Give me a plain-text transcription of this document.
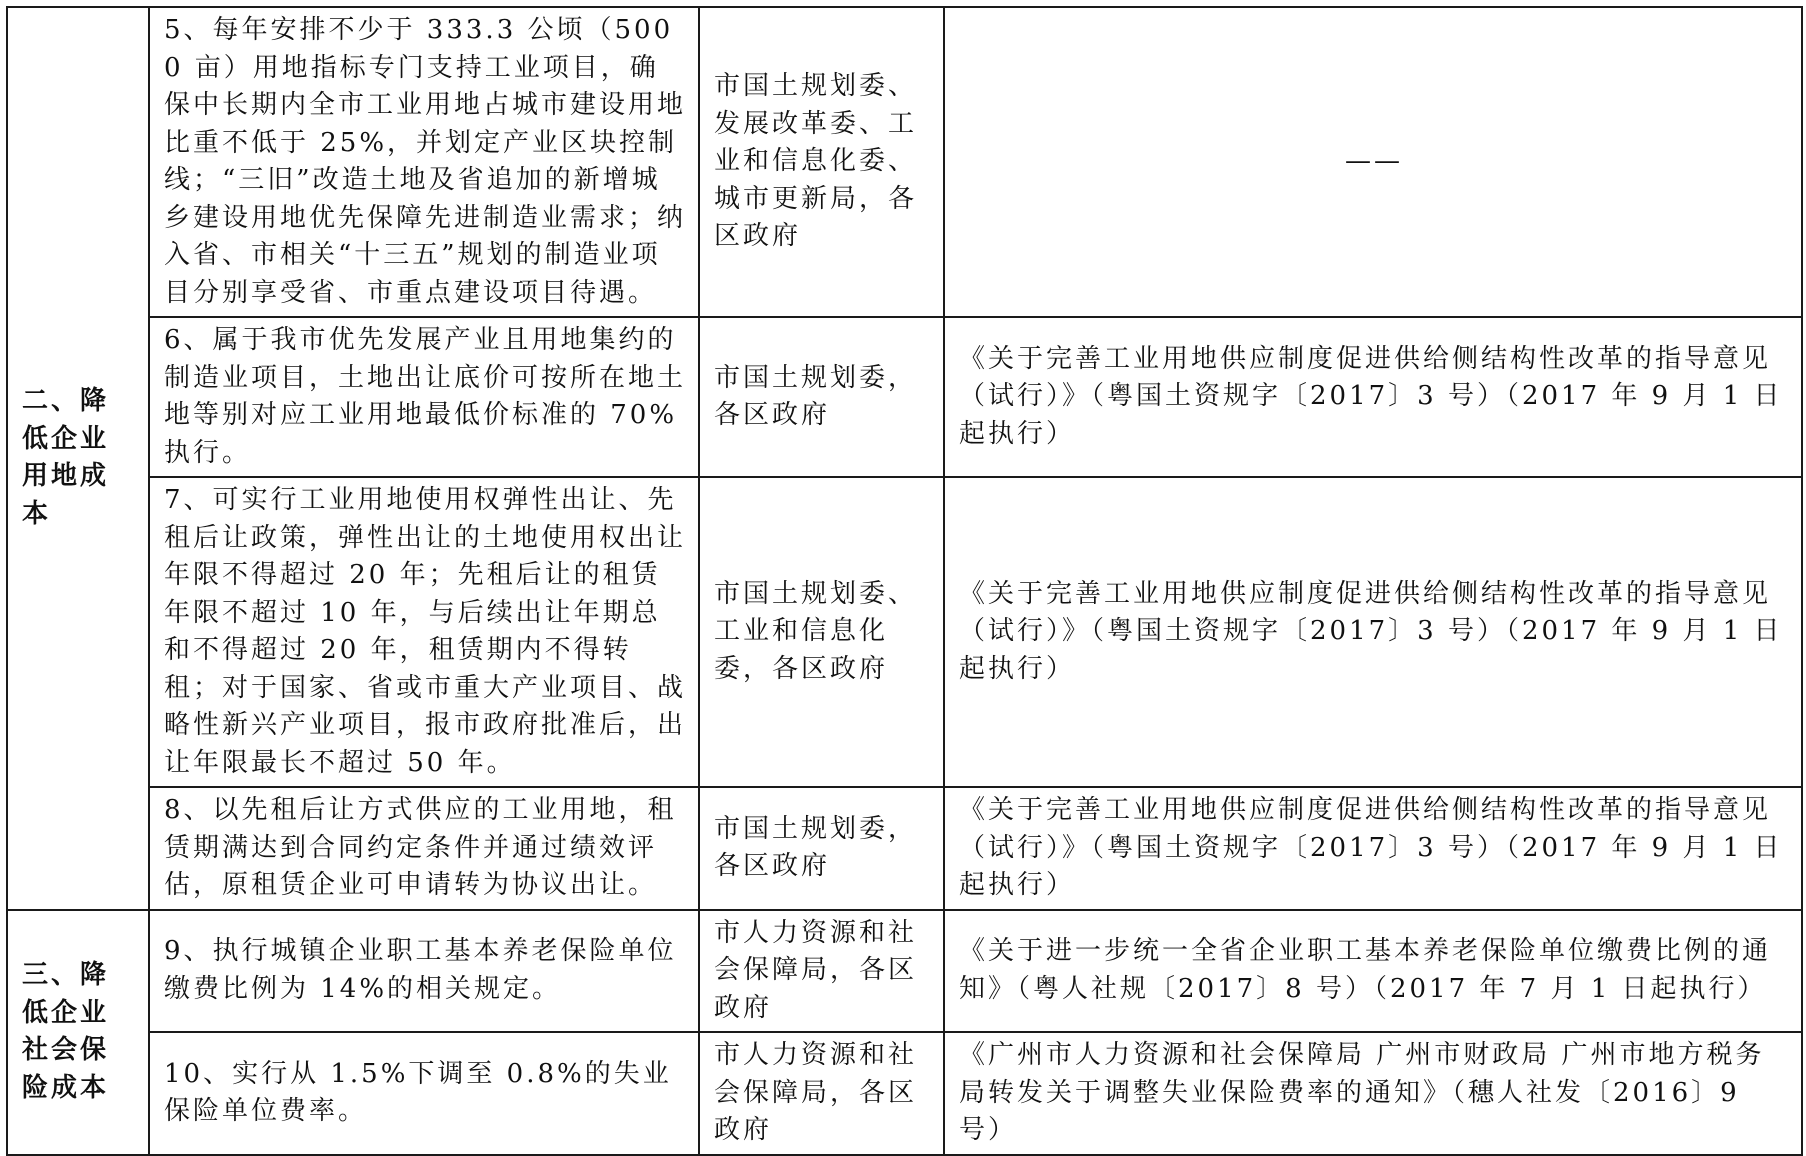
二、降低企业用地成本	5、每年安排不少于 333.3 公顷（5000 亩）用地指标专门支持工业项目，确保中长期内全市工业用地占城市建设用地比重不低于 25%，并划定产业区块控制线；“三旧”改造土地及省追加的新增城乡建设用地优先保障先进制造业需求；纳入省、市相关“十三五”规划的制造业项目分别享受省、市重点建设项目待遇。	市国土规划委、发展改革委、工业和信息化委、城市更新局，各区政府	——
	6、属于我市优先发展产业且用地集约的制造业项目，土地出让底价可按所在地土地等别对应工业用地最低价标准的 70%执行。	市国土规划委，各区政府	《关于完善工业用地供应制度促进供给侧结构性改革的指导意见（试行）》（粤国土资规字〔2017〕3 号）（2017 年 9 月 1 日起执行）
	7、可实行工业用地使用权弹性出让、先租后让政策，弹性出让的土地使用权出让年限不得超过 20 年；先租后让的租赁年限不超过 10 年，与后续出让年期总和不得超过 20 年，租赁期内不得转租；对于国家、省或市重大产业项目、战略性新兴产业项目，报市政府批准后，出让年限最长不超过 50 年。	市国土规划委、工业和信息化委，各区政府	《关于完善工业用地供应制度促进供给侧结构性改革的指导意见（试行）》（粤国土资规字〔2017〕3 号）（2017 年 9 月 1 日起执行）
	8、以先租后让方式供应的工业用地，租赁期满达到合同约定条件并通过绩效评估，原租赁企业可申请转为协议出让。	市国土规划委，各区政府	《关于完善工业用地供应制度促进供给侧结构性改革的指导意见（试行）》（粤国土资规字〔2017〕3 号）（2017 年 9 月 1 日起执行）
三、降低企业社会保险成本	9、执行城镇企业职工基本养老保险单位缴费比例为 14%的相关规定。	市人力资源和社会保障局，各区政府	《关于进一步统一全省企业职工基本养老保险单位缴费比例的通知》（粤人社规〔2017〕8 号）（2017 年 7 月 1 日起执行）
	10、实行从 1.5%下调至 0.8%的失业保险单位费率。	市人力资源和社会保障局，各区政府	《广州市人力资源和社会保障局 广州市财政局 广州市地方税务局转发关于调整失业保险费率的通知》（穗人社发〔2016〕9 号）
